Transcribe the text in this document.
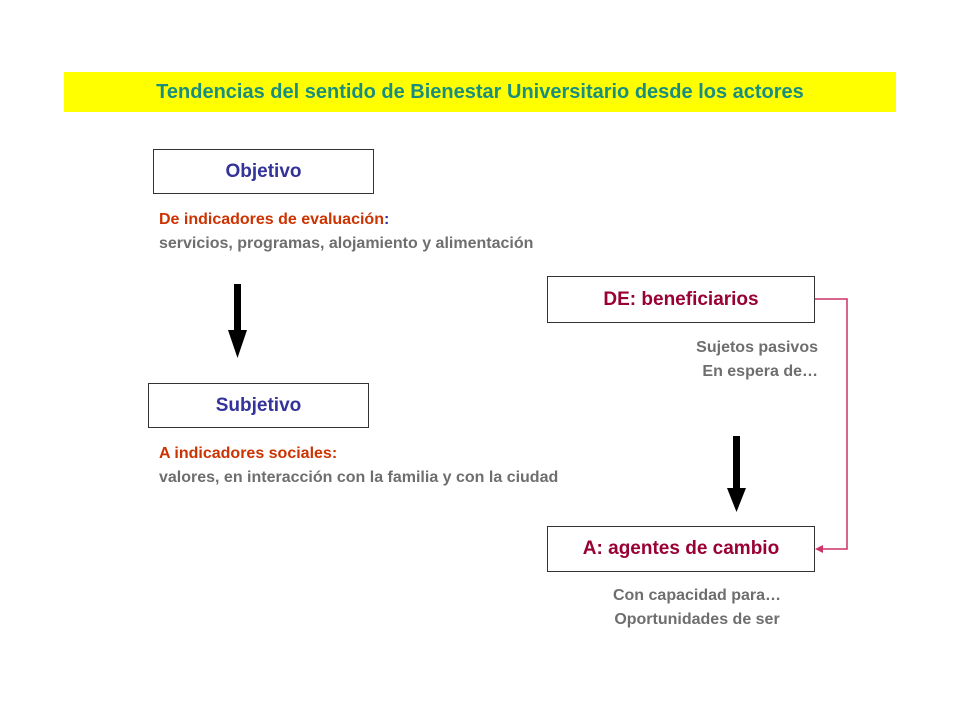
Tendencias del sentido de Bienestar Universitario desde los actores
Objetivo
De indicadores de evaluación:
servicios, programas, alojamiento y alimentación
Subjetivo
A indicadores sociales:
valores, en interacción con la familia y con la ciudad
DE: beneficiarios
Sujetos pasivos
En espera de…
A: agentes de cambio
Con capacidad para…
Oportunidades de ser
